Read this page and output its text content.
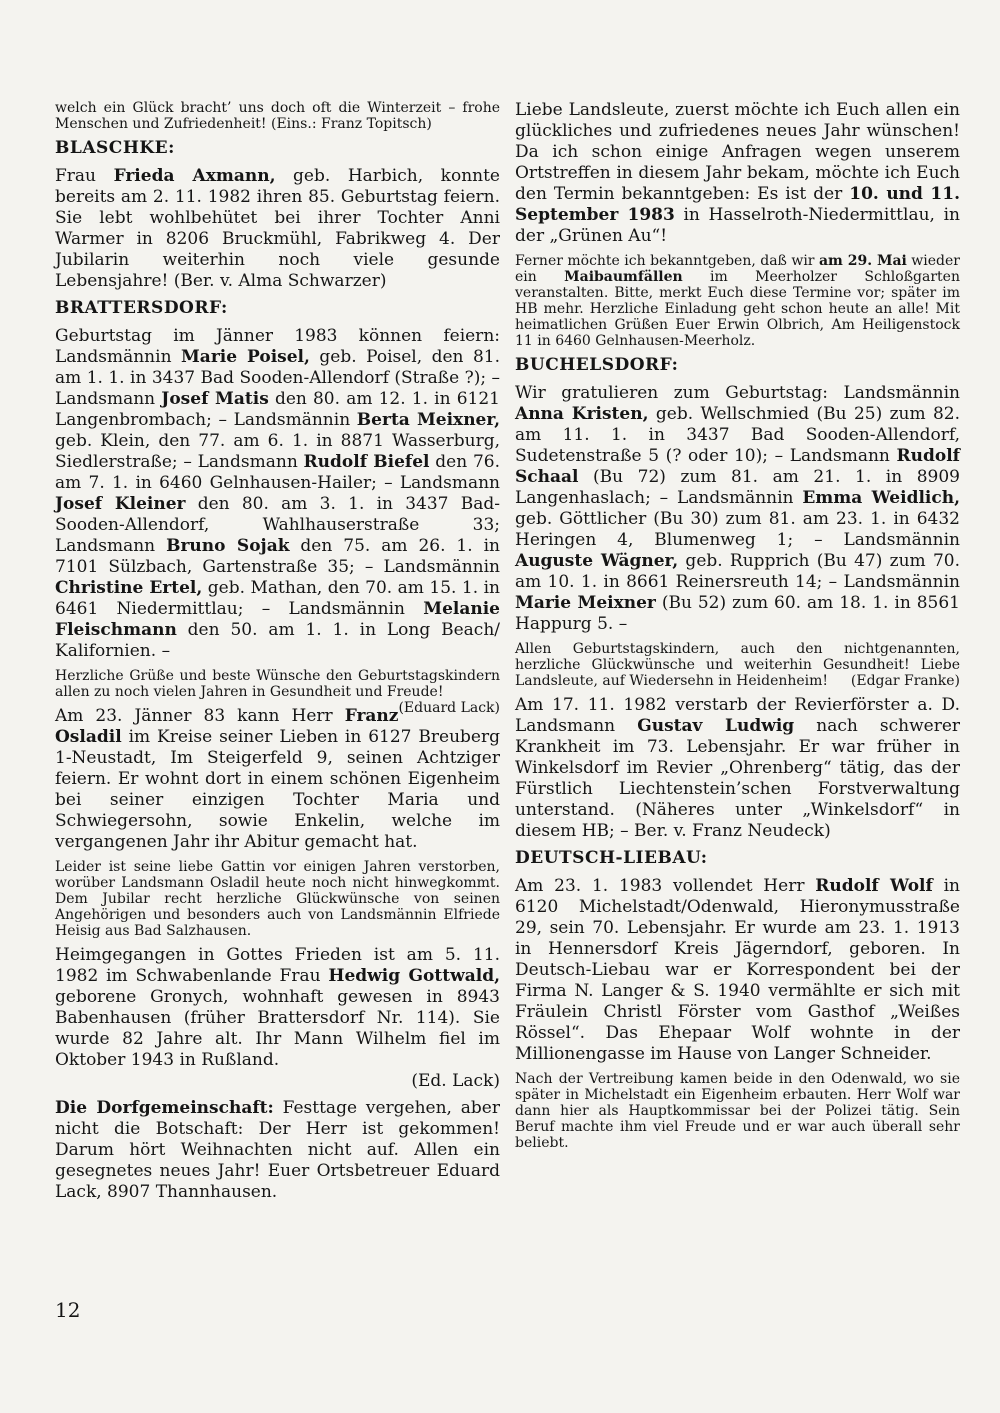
welch ein Glück bracht’ uns doch oft die Winterzeit – frohe Menschen und Zufriedenheit! (Eins.: Franz Topitsch)

BLASCHKE:

Frau Frieda Axmann, geb. Harbich, konnte bereits am 2. 11. 1982 ihren 85. Geburtstag feiern. Sie lebt wohlbehütet bei ihrer Tochter Anni Warmer in 8206 Bruckmühl, Fabrikweg 4. Der Jubilarin weiterhin noch viele gesunde Lebensjahre! (Ber. v. Alma Schwarzer)

BRATTERSDORF:

Geburtstag im Jänner 1983 können feiern: Landsmännin Marie Poisel, geb. Poisel, den 81. am 1. 1. in 3437 Bad Sooden-Allendorf (Straße ?); – Landsmann Josef Matis den 80. am 12. 1. in 6121 Langenbrombach; – Landsmännin Berta Meixner, geb. Klein, den 77. am 6. 1. in 8871 Wasserburg, Siedlerstraße; – Landsmann Rudolf Biefel den 76. am 7. 1. in 6460 Gelnhausen-Hailer; – Landsmann Josef Kleiner den 80. am 3. 1. in 3437 Bad-Sooden-Allendorf, Wahlhauserstraße 33; Landsmann Bruno Sojak den 75. am 26. 1. in 7101 Sülzbach, Gartenstraße 35; – Landsmännin Christine Ertel, geb. Mathan, den 70. am 15. 1. in 6461 Niedermittlau; – Landsmännin Melanie Fleischmann den 50. am 1. 1. in Long Beach/ Kalifornien. –

Herzliche Grüße und beste Wünsche den Geburtstagskindern allen zu noch vielen Jahren in Gesundheit und Freude!
(Eduard Lack)

Am 23. Jänner 83 kann Herr Franz Osladil im Kreise seiner Lieben in 6127 Breuberg 1-Neustadt, Im Steigerfeld 9, seinen Achtziger feiern. Er wohnt dort in einem schönen Eigenheim bei seiner einzigen Tochter Maria und Schwiegersohn, sowie Enkelin, welche im vergangenen Jahr ihr Abitur gemacht hat.

Leider ist seine liebe Gattin vor einigen Jahren verstorben, worüber Landsmann Osladil heute noch nicht hinwegkommt. Dem Jubilar recht herzliche Glückwünsche von seinen Angehörigen und besonders auch von Landsmännin Elfriede Heisig aus Bad Salzhausen.

Heimgegangen in Gottes Frieden ist am 5. 11. 1982 im Schwabenlande Frau Hedwig Gottwald, geborene Gronych, wohnhaft gewesen in 8943 Babenhausen (früher Brattersdorf Nr. 114). Sie wurde 82 Jahre alt. Ihr Mann Wilhelm fiel im Oktober 1943 in Rußland.
(Ed. Lack)

Die Dorfgemeinschaft: Festtage vergehen, aber nicht die Botschaft: Der Herr ist gekommen! Darum hört Weihnachten nicht auf. Allen ein gesegnetes neues Jahr! Euer Ortsbetreuer Eduard Lack, 8907 Thannhausen.

Liebe Landsleute, zuerst möchte ich Euch allen ein glückliches und zufriedenes neues Jahr wünschen! Da ich schon einige Anfragen wegen unserem Ortstreffen in diesem Jahr bekam, möchte ich Euch den Termin bekanntgeben: Es ist der 10. und 11. September 1983 in Hasselroth-Niedermittlau, in der „Grünen Au“!

Ferner möchte ich bekanntgeben, daß wir am 29. Mai wieder ein Maibaumfällen im Meerholzer Schloßgarten veranstalten. Bitte, merkt Euch diese Termine vor; später im HB mehr. Herzliche Einladung geht schon heute an alle! Mit heimatlichen Grüßen Euer Erwin Olbrich, Am Heiligenstock 11 in 6460 Gelnhausen-Meerholz.

BUCHELSDORF:

Wir gratulieren zum Geburtstag: Landsmännin Anna Kristen, geb. Wellschmied (Bu 25) zum 82. am 11. 1. in 3437 Bad Sooden-Allendorf, Sudetenstraße 5 (? oder 10); – Landsmann Rudolf Schaal (Bu 72) zum 81. am 21. 1. in 8909 Langenhaslach; – Landsmännin Emma Weidlich, geb. Göttlicher (Bu 30) zum 81. am 23. 1. in 6432 Heringen 4, Blumenweg 1; – Landsmännin Auguste Wägner, geb. Rupprich (Bu 47) zum 70. am 10. 1. in 8661 Reinersreuth 14; – Landsmännin Marie Meixner (Bu 52) zum 60. am 18. 1. in 8561 Happurg 5. –

Allen Geburtstagskindern, auch den nichtgenannten, herzliche Glückwünsche und weiterhin Gesundheit! Liebe Landsleute, auf Wiedersehn in Heidenheim! (Edgar Franke)

Am 17. 11. 1982 verstarb der Revierförster a. D. Landsmann Gustav Ludwig nach schwerer Krankheit im 73. Lebensjahr. Er war früher in Winkelsdorf im Revier „Ohrenberg“ tätig, das der Fürstlich Liechtenstein’schen Forstverwaltung unterstand. (Näheres unter „Winkelsdorf“ in diesem HB; – Ber. v. Franz Neudeck)

DEUTSCH-LIEBAU:

Am 23. 1. 1983 vollendet Herr Rudolf Wolf in 6120 Michelstadt/Odenwald, Hieronymusstraße 29, sein 70. Lebensjahr. Er wurde am 23. 1. 1913 in Hennersdorf Kreis Jägerndorf, geboren. In Deutsch-Liebau war er Korrespondent bei der Firma N. Langer & S. 1940 vermählte er sich mit Fräulein Christl Förster vom Gasthof „Weißes Rössel“. Das Ehepaar Wolf wohnte in der Millionengasse im Hause von Langer Schneider.

Nach der Vertreibung kamen beide in den Odenwald, wo sie später in Michelstadt ein Eigenheim erbauten. Herr Wolf war dann hier als Hauptkommissar bei der Polizei tätig. Sein Beruf machte ihm viel Freude und er war auch überall sehr beliebt.

12
